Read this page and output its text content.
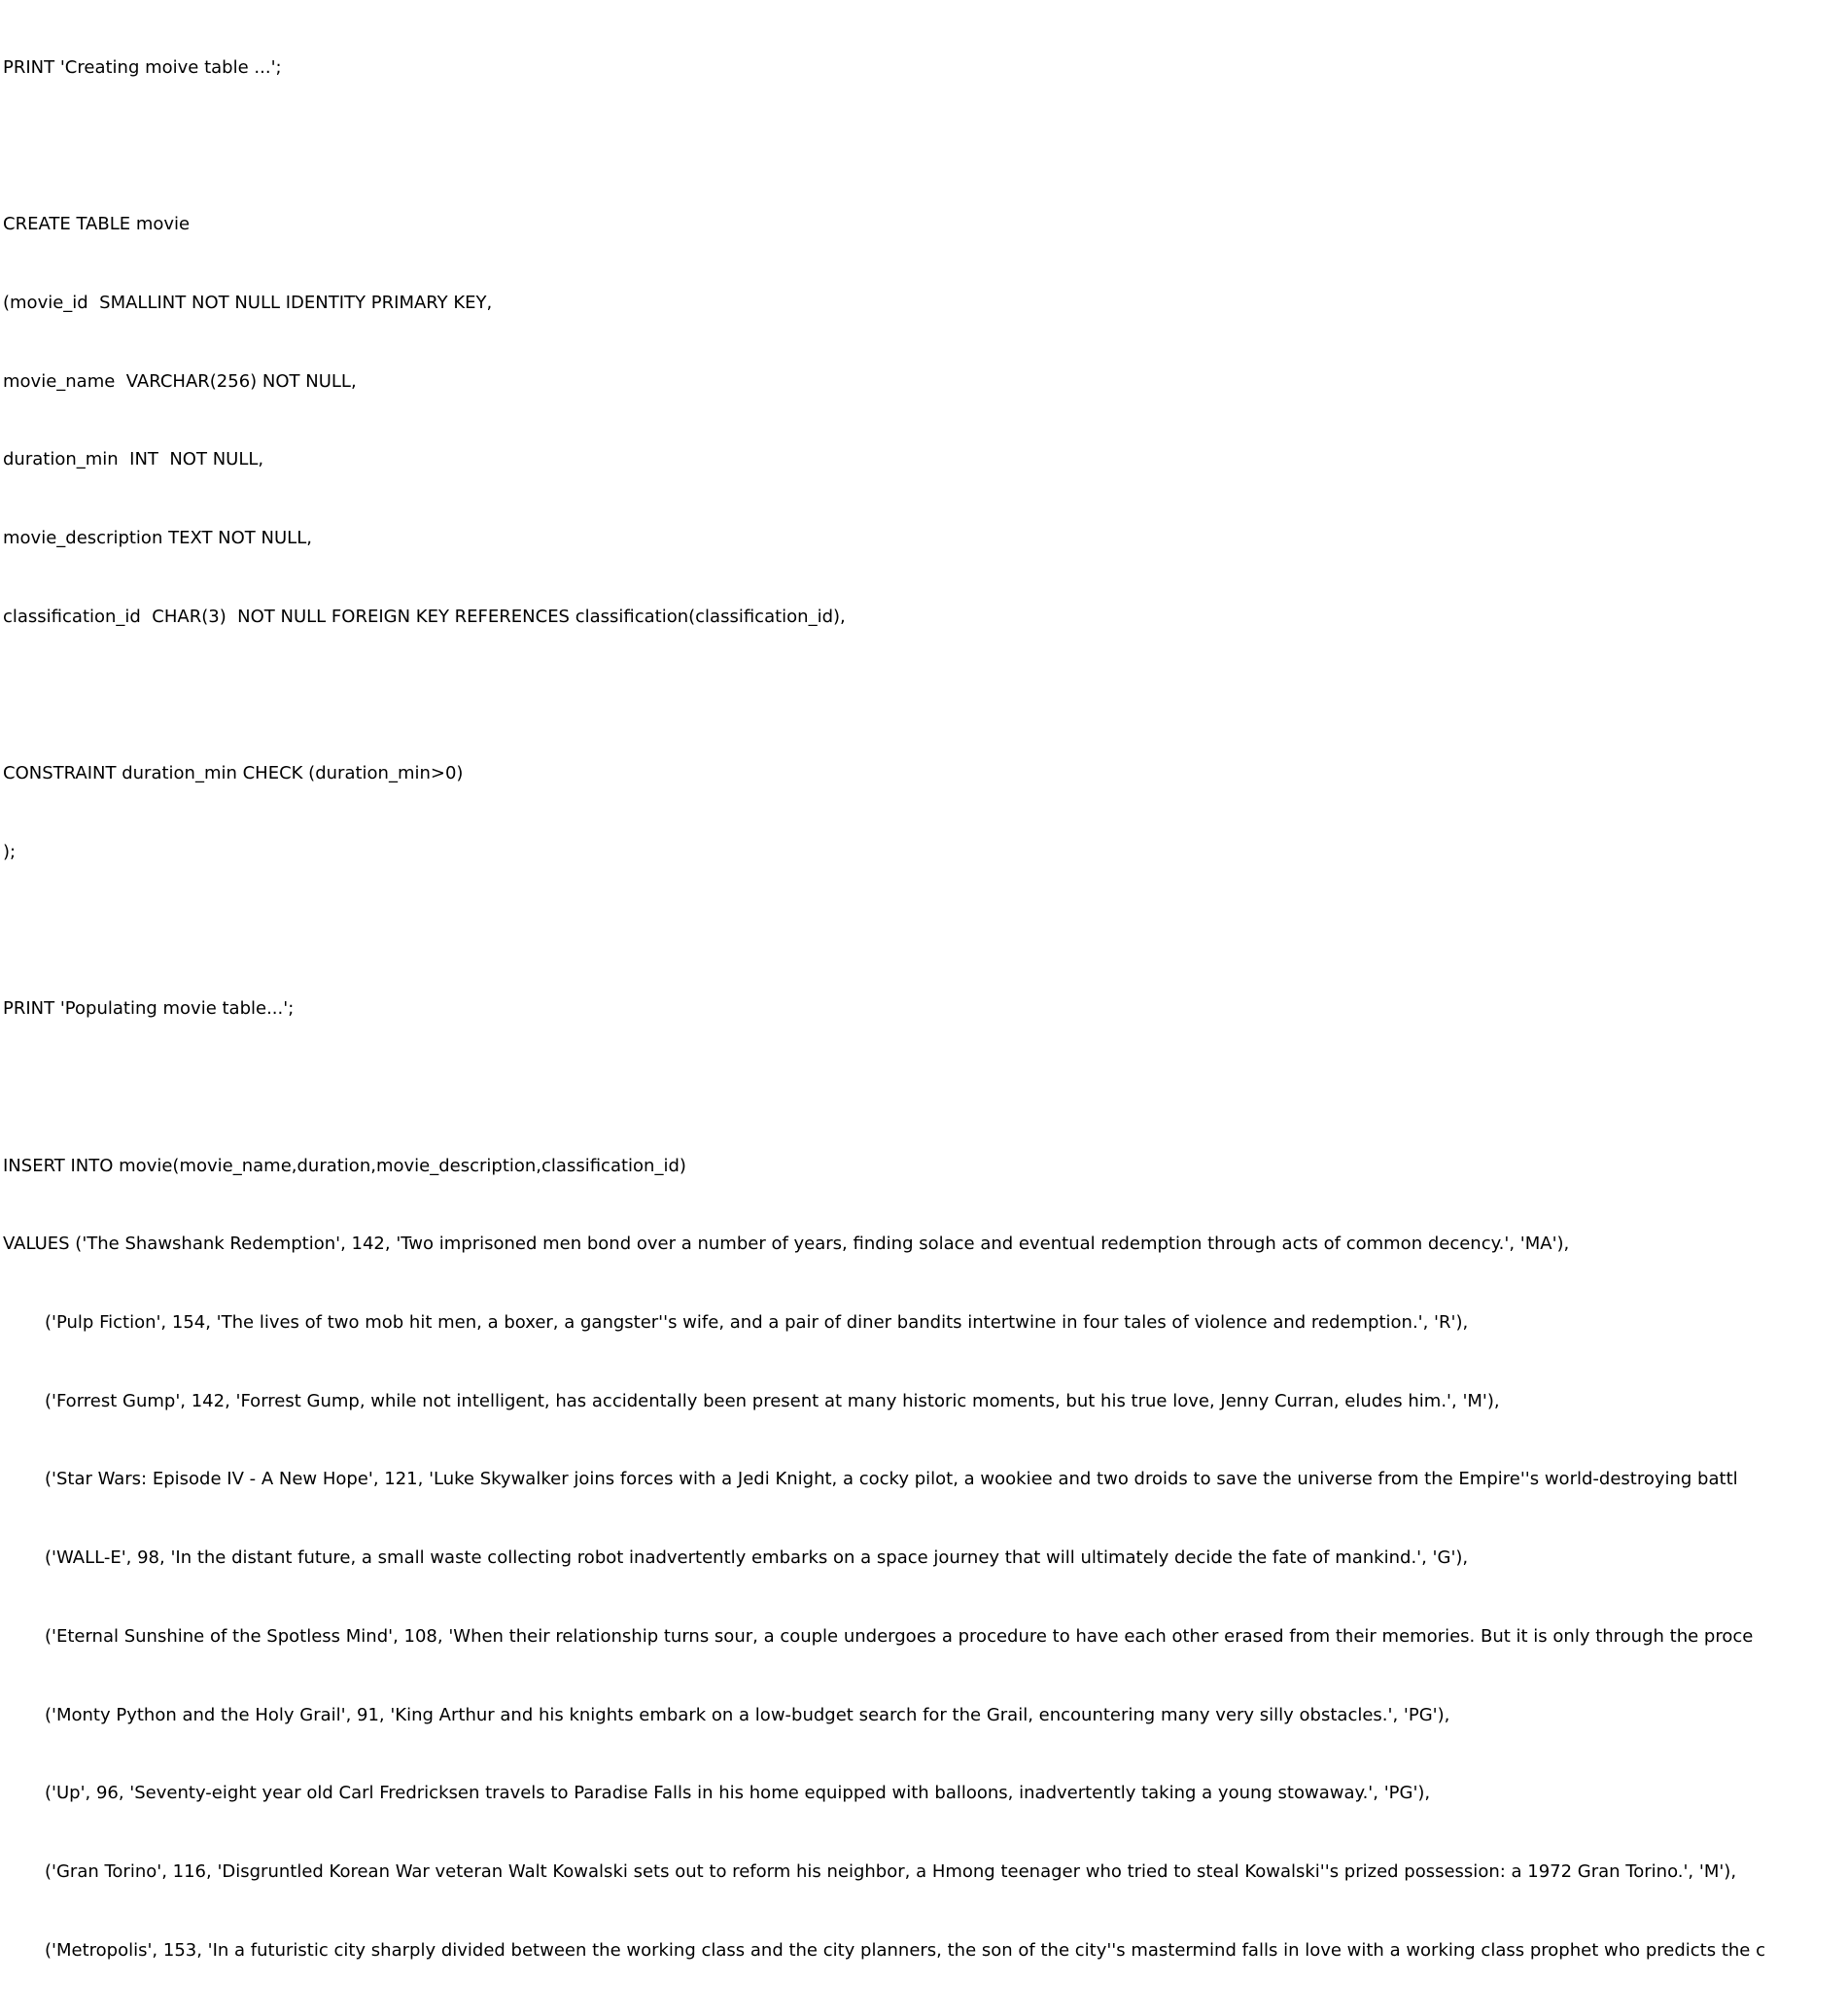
PRINT 'Creating moive table ...';

CREATE TABLE movie

(movie_id  SMALLINT NOT NULL IDENTITY PRIMARY KEY,

movie_name  VARCHAR(256) NOT NULL,

duration_min  INT  NOT NULL,

movie_description TEXT NOT NULL,

classification_id  CHAR(3)  NOT NULL FOREIGN KEY REFERENCES classification(classification_id),

CONSTRAINT duration_min CHECK (duration_min>0)

);

PRINT 'Populating movie table...';

INSERT INTO movie(movie_name,duration,movie_description,classification_id)

VALUES ('The Shawshank Redemption', 142, 'Two imprisoned men bond over a number of years, finding solace and eventual redemption through acts of common decency.', 'MA'),

('Pulp Fiction', 154, 'The lives of two mob hit men, a boxer, a gangster''s wife, and a pair of diner bandits intertwine in four tales of violence and redemption.', 'R'),

('Forrest Gump', 142, 'Forrest Gump, while not intelligent, has accidentally been present at many historic moments, but his true love, Jenny Curran, eludes him.', 'M'),

('Star Wars: Episode IV - A New Hope', 121, 'Luke Skywalker joins forces with a Jedi Knight, a cocky pilot, a wookiee and two droids to save the universe from the Empire''s world-destroying battl

('WALL-E', 98, 'In the distant future, a small waste collecting robot inadvertently embarks on a space journey that will ultimately decide the fate of mankind.', 'G'),

('Eternal Sunshine of the Spotless Mind', 108, 'When their relationship turns sour, a couple undergoes a procedure to have each other erased from their memories. But it is only through the proce

('Monty Python and the Holy Grail', 91, 'King Arthur and his knights embark on a low-budget search for the Grail, encountering many very silly obstacles.', 'PG'),

('Up', 96, 'Seventy-eight year old Carl Fredricksen travels to Paradise Falls in his home equipped with balloons, inadvertently taking a young stowaway.', 'PG'),

('Gran Torino', 116, 'Disgruntled Korean War veteran Walt Kowalski sets out to reform his neighbor, a Hmong teenager who tried to steal Kowalski''s prized possession: a 1972 Gran Torino.', 'M'),

('Metropolis', 153, 'In a futuristic city sharply divided between the working class and the city planners, the son of the city''s mastermind falls in love with a working class prophet who predicts the c
